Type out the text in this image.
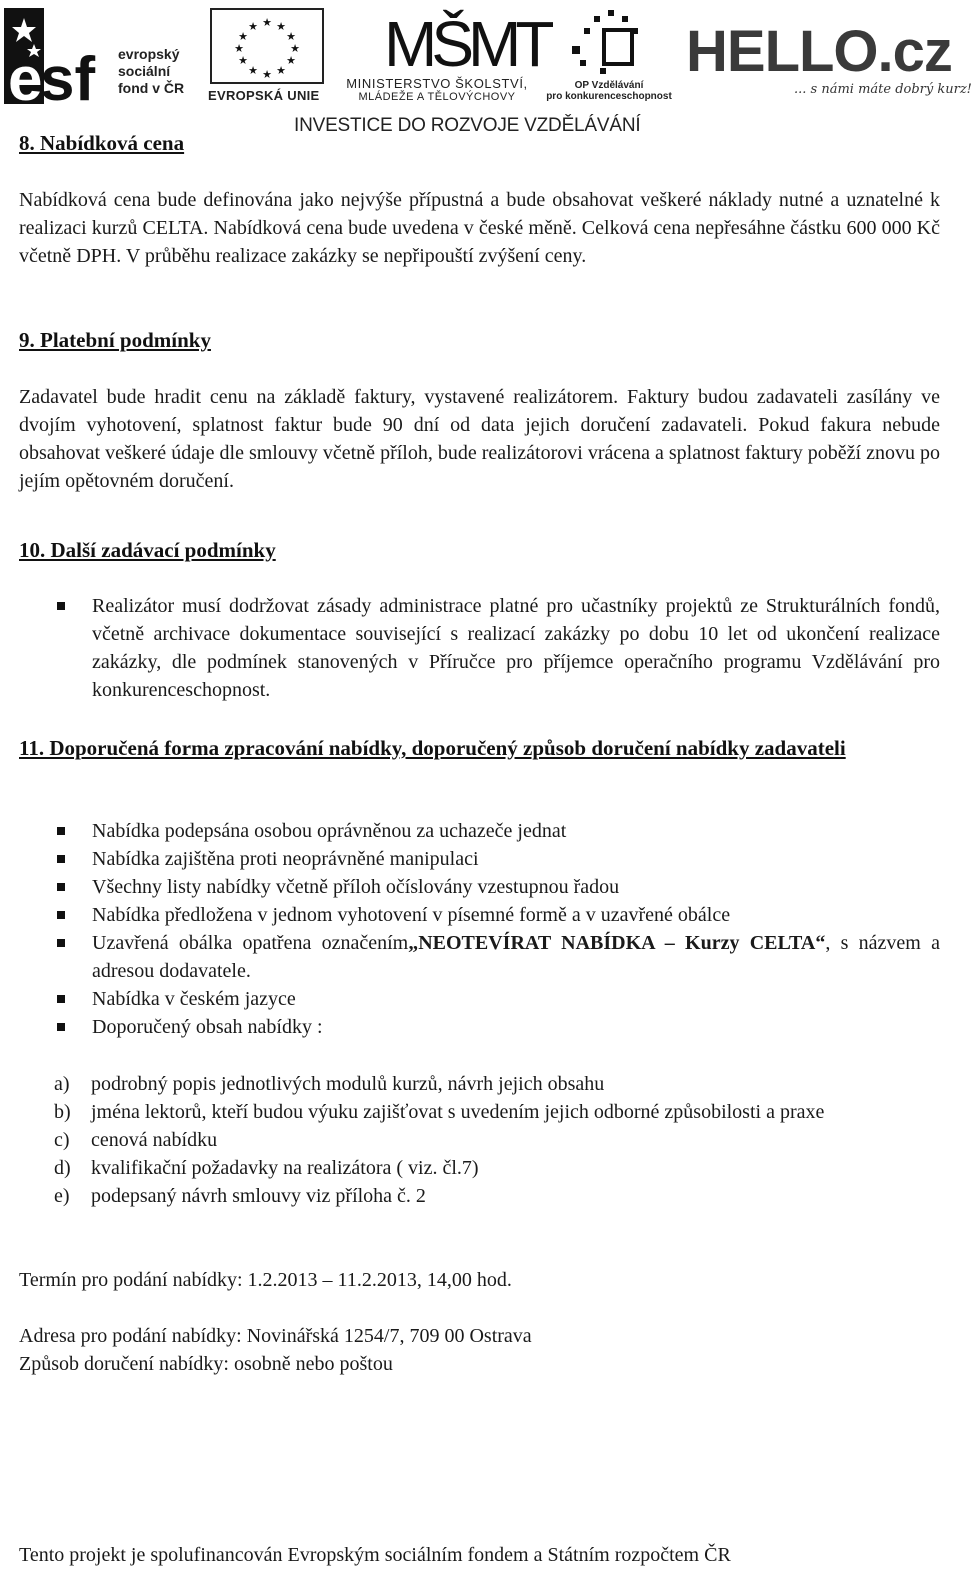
e
sf evropský
sociální
fond v ČR
★ ★
★
★
★
★
★
★
★
★
★
★
EVROPSKÁ UNIE
MŠMT
MINISTERSTVO ŠKOLSTVÍ,
MLÁDEŽE A TĚLOVÝCHOVY
OP Vzdělávání
pro konkurenceschopnost
HELLO.cz
... s námi máte dobrý kurz!
INVESTICE DO ROZVOJE VZDĚLÁVÁNÍ
8. Nabídková cena
Nabídková cena bude definována jako nejvýše přípustná a bude obsahovat veškeré náklady nutné a uznatelné k realizaci kurzů CELTA. Nabídková cena bude uvedena v české měně. Celková cena nepřesáhne částku 600 000 Kč včetně DPH. V průběhu realizace zakázky se nepřipouští zvýšení ceny.
9. Platební podmínky
Zadavatel bude hradit cenu na základě faktury, vystavené realizátorem. Faktury budou zadavateli zasílány ve dvojím vyhotovení, splatnost faktur bude 90 dní od data jejich doručení zadavateli. Pokud fakura nebude obsahovat veškeré údaje dle smlouvy včetně příloh, bude realizátorovi vrácena a splatnost faktury poběží znovu po jejím opětovném doručení.
10. Další zadávací podmínky
Realizátor musí dodržovat zásady administrace platné pro učastníky projektů ze Strukturálních fondů, včetně archivace dokumentace související s realizací zakázky po dobu 10 let od ukončení realizace zakázky, dle podmínek stanovených v Příručce pro příjemce operačního programu Vzdělávání pro konkurenceschopnost.
11. Doporučená forma zpracování nabídky, doporučený způsob doručení nabídky zadavateli
Nabídka podepsána osobou oprávněnou za uchazeče jednat
Nabídka zajištěna proti neoprávněné manipulaci
Všechny listy nabídky včetně příloh očíslovány vzestupnou řadou
Nabídka předložena v jednom vyhotovení v písemné formě a v uzavřené obálce
Uzavřená obálka opatřena označením„NEOTEVÍRAT NABÍDKA – Kurzy CELTA“, s názvem a adresou dodavatele.
Nabídka v českém jazyce
Doporučený obsah nabídky :
a) podrobný popis jednotlivých modulů kurzů, návrh jejich obsahu
b) jména lektorů, kteří budou výuku zajišťovat s uvedením jejich odborné způsobilosti a praxe
c) cenová nabídku
d) kvalifikační požadavky na realizátora ( viz. čl.7)
e) podepsaný návrh smlouvy viz příloha č. 2
Termín pro podání nabídky: 1.2.2013 – 11.2.2013, 14,00 hod.
Adresa pro podání nabídky: Novinářská 1254/7, 709 00 Ostrava
Způsob doručení nabídky: osobně nebo poštou
Tento projekt je spolufinancován Evropským sociálním fondem a Státním rozpočtem ČR
